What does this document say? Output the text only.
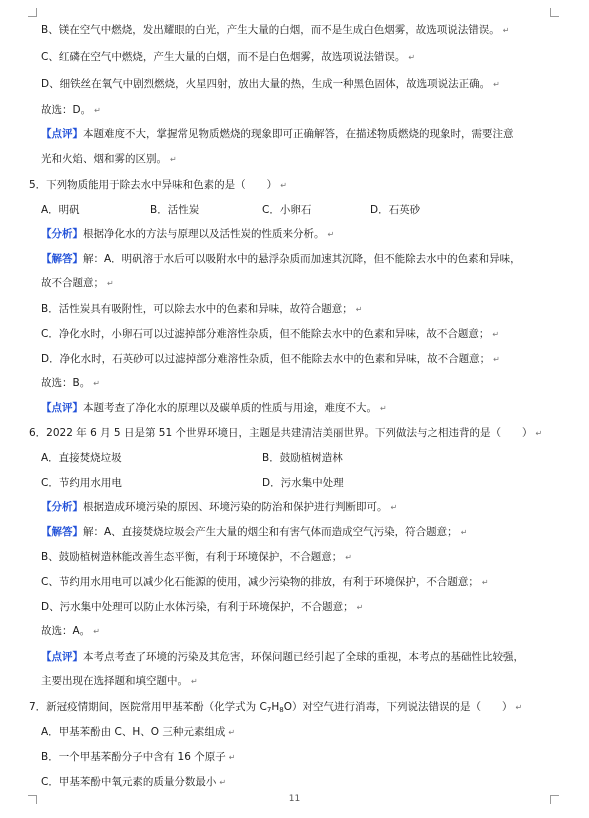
B、镁在空气中燃烧，发出耀眼的白光，产生大量的白烟，而不是生成白色烟雾，故选项说法错误。 ↵
C、红磷在空气中燃烧，产生大量的白烟，而不是白色烟雾，故选项说法错误。 ↵
D、细铁丝在氧气中剧烈燃烧，火星四射，放出大量的热，生成一种黑色固体，故选项说法正确。 ↵
故选：D。 ↵
【点评】本题难度不大，掌握常见物质燃烧的现象即可正确解答，在描述物质燃烧的现象时，需要注意
光和火焰、烟和雾的区别。 ↵
5．下列物质能用于除去水中异味和色素的是（　　） ↵
A．明矾	B．活性炭	C．小卵石	D．石英砂
【分析】根据净化水的方法与原理以及活性炭的性质来分析。 ↵
【解答】解：A．明矾溶于水后可以吸附水中的悬浮杂质而加速其沉降，但不能除去水中的色素和异味，
故不合题意； ↵
B．活性炭具有吸附性，可以除去水中的色素和异味，故符合题意； ↵
C．净化水时，小卵石可以过滤掉部分难溶性杂质，但不能除去水中的色素和异味，故不合题意； ↵
D．净化水时，石英砂可以过滤掉部分难溶性杂质，但不能除去水中的色素和异味，故不合题意； ↵
故选：B。 ↵
【点评】本题考查了净化水的原理以及碳单质的性质与用途，难度不大。 ↵
6．2022 年 6 月 5 日是第 51 个世界环境日，主题是共建清洁美丽世界。下列做法与之相违背的是（　　） ↵
A．直接焚烧垃圾	B．鼓励植树造林
C．节约用水用电	D．污水集中处理
【分析】根据造成环境污染的原因、环境污染的防治和保护进行判断即可。 ↵
【解答】解：A、直接焚烧垃圾会产生大量的烟尘和有害气体而造成空气污染，符合题意； ↵
B、鼓励植树造林能改善生态平衡，有利于环境保护，不合题意； ↵
C、节约用水用电可以减少化石能源的使用，减少污染物的排放，有利于环境保护，不合题意； ↵
D、污水集中处理可以防止水体污染，有利于环境保护，不合题意； ↵
故选：A。 ↵
【点评】本考点考查了环境的污染及其危害，环保问题已经引起了全球的重视，本考点的基础性比较强，
主要出现在选择题和填空题中。 ↵
7．新冠疫情期间，医院常用甲基苯酚（化学式为 $C_7H_8O$）对空气进行消毒，下列说法错误的是（　　） ↵
A．甲基苯酚由 C、H、O 三种元素组成 ↵
B．一个甲基苯酚分子中含有 16 个原子 ↵
C．甲基苯酚中氧元素的质量分数最小 ↵
11
